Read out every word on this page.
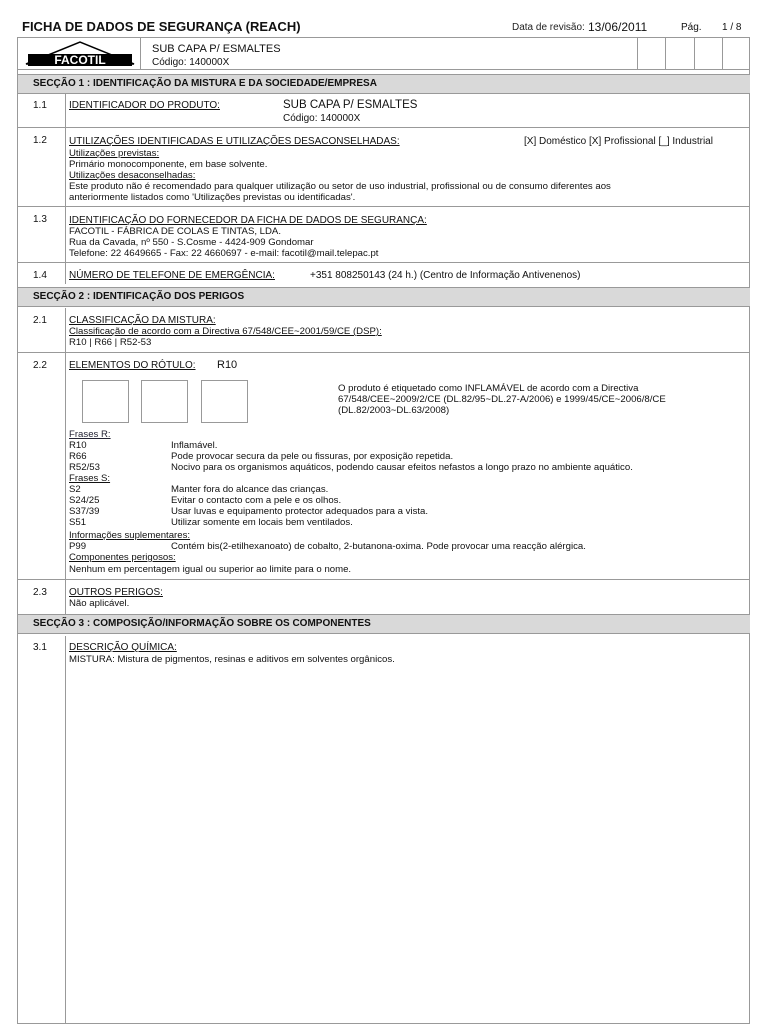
FICHA DE DADOS DE SEGURANÇA (REACH)	Data de revisão: 13/06/2011	Pág. 1 / 8
FACOTIL
SUB CAPA P/ ESMALTES
Código: 140000X
SECÇÃO 1 : IDENTIFICAÇÃO DA MISTURA E DA SOCIEDADE/EMPRESA
1.1 IDENTIFICADOR DO PRODUTO:	SUB CAPA P/ ESMALTES
Código: 140000X
1.2 UTILIZAÇÕES IDENTIFICADAS E UTILIZAÇÕES DESACONSELHADAS:	[X] Doméstico [X] Profissional [_] Industrial
Utilizações previstas:
Primário monocomponente, em base solvente.
Utilizações desaconselhadas:
Este produto não é recomendado para qualquer utilização ou setor de uso industrial, profissional ou de consumo diferentes aos
anteriormente listados como 'Utilizações previstas ou identificadas'.
1.3 IDENTIFICAÇÃO DO FORNECEDOR DA FICHA DE DADOS DE SEGURANÇA:
FACOTIL - FÁBRICA DE COLAS E TINTAS, LDA.
Rua da Cavada, nº 550 - S.Cosme - 4424-909 Gondomar
Telefone: 22 4649665 - Fax: 22 4660697 - e-mail: facotil@mail.telepac.pt
1.4 NÚMERO DE TELEFONE DE EMERGÊNCIA:	+351 808250143 (24 h.) (Centro de Informação Antivenenos)
SECÇÃO 2 : IDENTIFICAÇÃO DOS PERIGOS
2.1 CLASSIFICAÇÃO DA MISTURA:
Classificação de acordo com a Directiva 67/548/CEE~2001/59/CE (DSP):
R10 | R66 | R52-53
2.2 ELEMENTOS DO RÓTULO: R10
O produto é etiquetado como INFLAMÁVEL de acordo com a Directiva
67/548/CEE~2009/2/CE (DL.82/95~DL.27-A/2006) e 1999/45/CE~2006/8/CE
(DL.82/2003~DL.63/2008)
Frases R:
R10	Inflamável.
R66	Pode provocar secura da pele ou fissuras, por exposição repetida.
R52/53	Nocivo para os organismos aquáticos, podendo causar efeitos nefastos a longo prazo no ambiente aquático.
Frases S:
S2	Manter fora do alcance das crianças.
S24/25	Evitar o contacto com a pele e os olhos.
S37/39	Usar luvas e equipamento protector adequados para a vista.
S51	Utilizar somente em locais bem ventilados.
Informações suplementares:
P99	Contém bis(2-etilhexanoato) de cobalto, 2-butanona-oxima. Pode provocar uma reacção alérgica.
Componentes perigosos:
Nenhum em percentagem igual ou superior ao limite para o nome.
2.3 OUTROS PERIGOS:
Não aplicável.
SECÇÃO 3 : COMPOSIÇÃO/INFORMAÇÃO SOBRE OS COMPONENTES
3.1 DESCRIÇÃO QUÍMICA:
MISTURA: Mistura de pigmentos, resinas e aditivos em solventes orgânicos.
